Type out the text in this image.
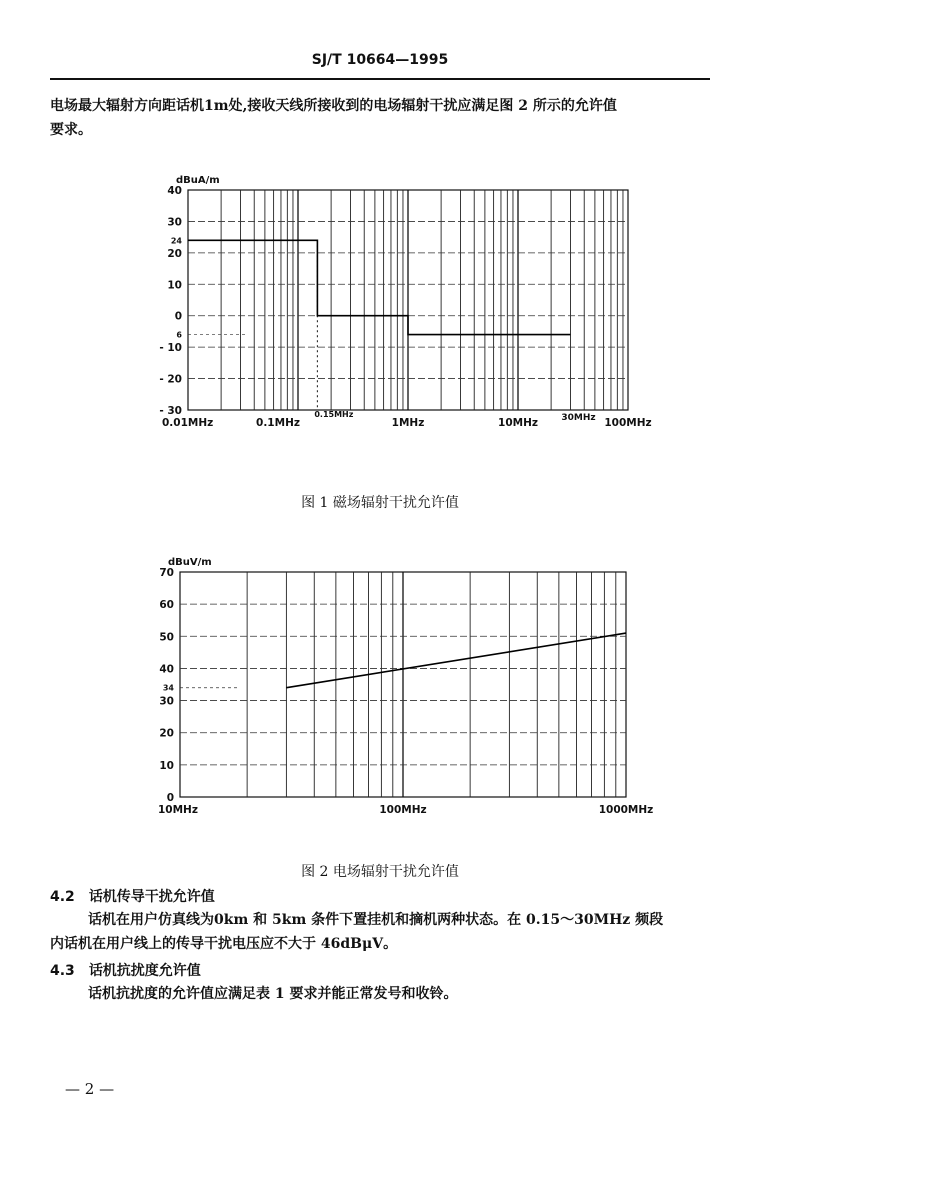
SJ/T 10664—1995

电场最大辐射方向距话机1m处,接收天线所接收到的电场辐射干扰应满足图 2 所示的允许值

要求。

dBuA/m
40
30
20
10
0
- 10
- 20
- 30
24
6
0.01MHz	0.1MHz
0.15MHz
1MHz	10MHz	30MHz 100MHz
图 1 磁场辐射干扰允许值
dBuV/m
70
60
50
40
30
20
10
0
34
10MHz	100MHz	1000MHz
图 2 电场辐射干扰允许值
4.2 话机传导干扰允许值

话机在用户仿真线为0km 和 5km 条件下置挂机和摘机两种状态。在 0.15～30MHz 频段

内话机在用户线上的传导干扰电压应不大于 46dBμV。

4.3 话机抗扰度允许值

话机抗扰度的允许值应满足表 1 要求并能正常发号和收铃。

— 2 —
